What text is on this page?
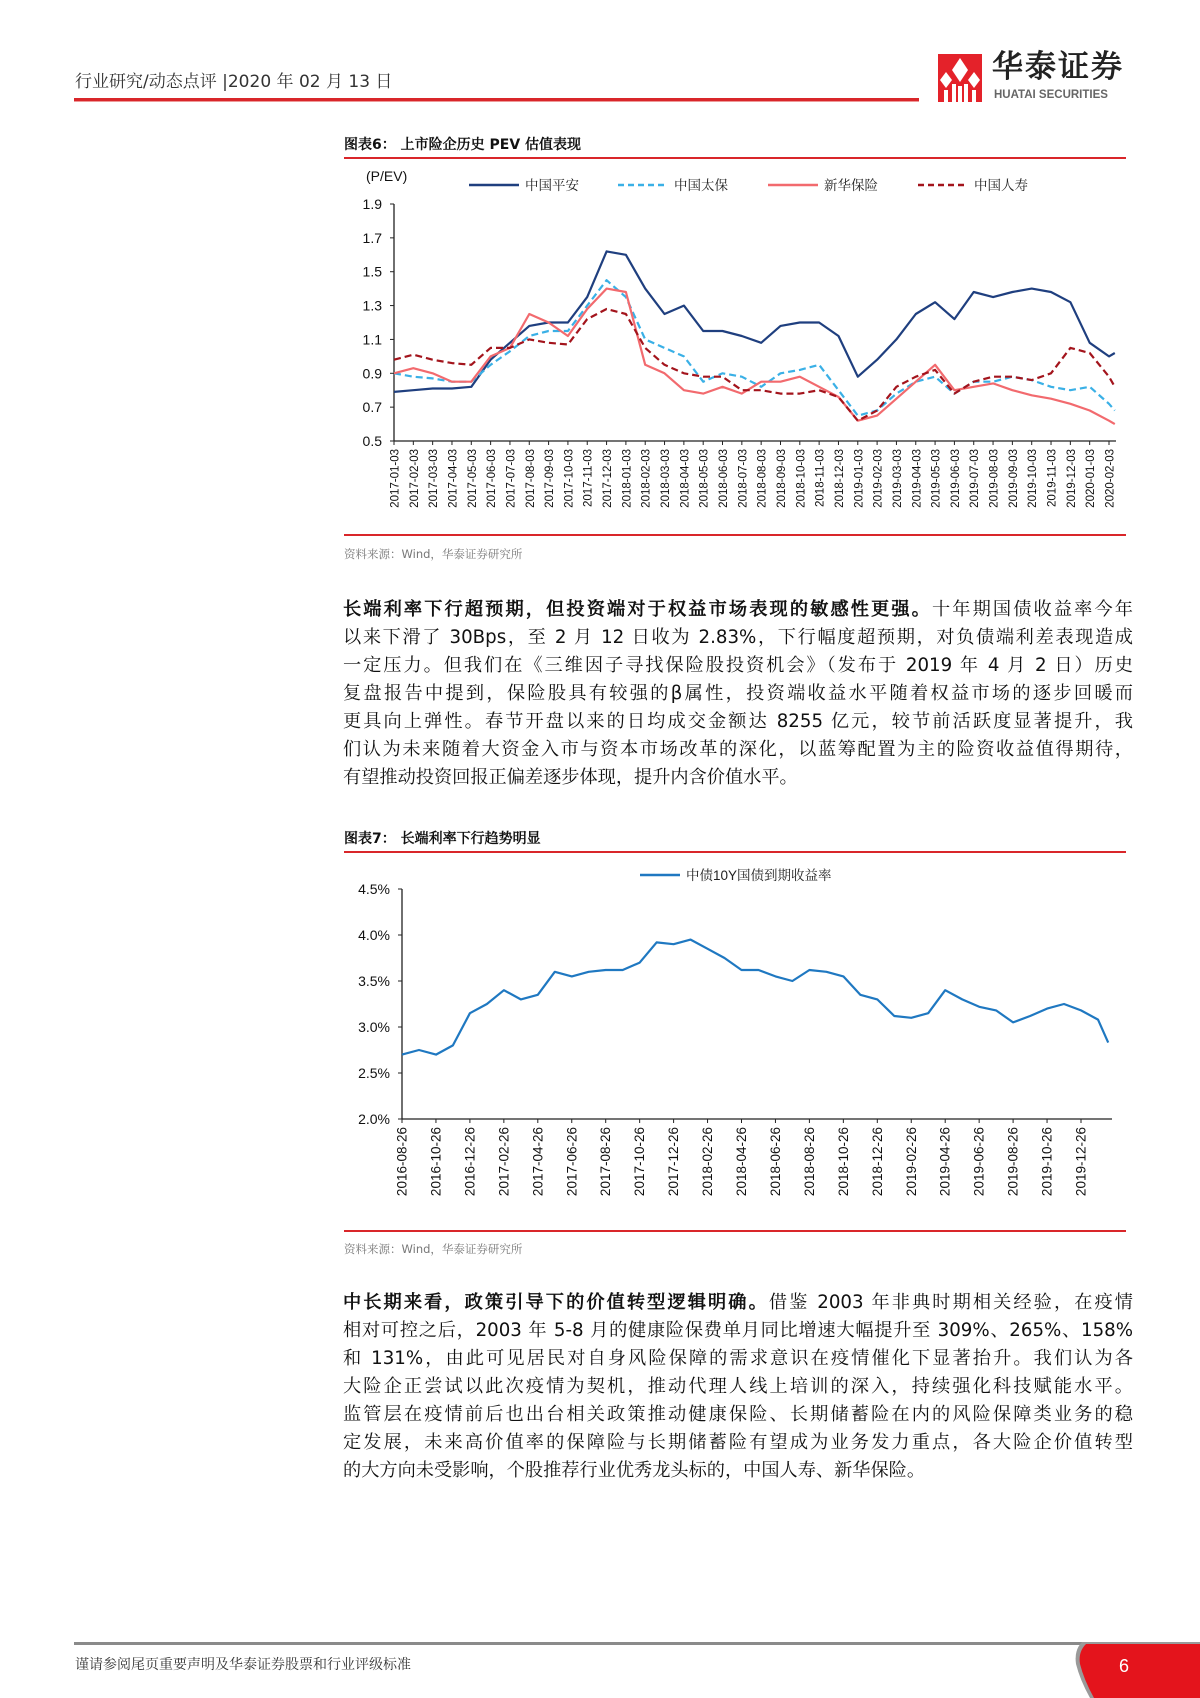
行业研究/动态点评 |2020 年 02 月 13 日	华泰证券
HUATAI SECURITIES
图表6： 上市险企历史 PEV 估值表现
1.9
1.7
1.5
1.3
1.1
0.9
0.7
0.5
2017-01-03 2017-02-03 2017-03-03 2017-04-03 2017-05-03 2017-06-03 2017-07-03 2017-08-03 2017-09-03 2017-10-03 2017-11-03 2017-12-03 2018-01-03 2018-02-03 2018-03-03 2018-04-03 2018-05-03 2018-06-03 2018-07-03 2018-08-03 2018-09-03 2018-10-03 2018-11-03 2018-12-03 2019-01-03 2019-02-03 2019-03-03 2019-04-03 2019-05-03 2019-06-03 2019-07-03 2019-08-03 2019-09-03 2019-10-03 2019-11-03 2019-12-03 2020-01-03 2020-02-03
中国平安	中国太保	新华保险	中国人寿
(P/EV)
资料来源：Wind，华泰证券研究所
长端利率下行超预期，但投资端对于权益市场表现的敏感性更强。十年期国债收益率今年
以来下滑了 30Bps，至 2 月 12 日收为 2.83%，下行幅度超预期，对负债端利差表现造成
一定压力。但我们在《三维因子寻找保险股投资机会》（发布于 2019 年 4 月 2 日）历史
复盘报告中提到，保险股具有较强的β属性，投资端收益水平随着权益市场的逐步回暖而
更具向上弹性。春节开盘以来的日均成交金额达 8255 亿元，较节前活跃度显著提升，我
们认为未来随着大资金入市与资本市场改革的深化，以蓝筹配置为主的险资收益值得期待，
有望推动投资回报正偏差逐步体现，提升内含价值水平。
图表7： 长端利率下行趋势明显
4.5%
4.0%
3.5%
3.0%
2.5%
2.0%
2016-08-26 2016-10-26 2016-12-26 2017-02-26 2017-04-26 2017-06-26 2017-08-26 2017-10-26 2017-12-26 2018-02-26 2018-04-26 2018-06-26 2018-08-26 2018-10-26 2018-12-26 2019-02-26 2019-04-26 2019-06-26 2019-08-26 2019-10-26 2019-12-26
中债10Y国债到期收益率
资料来源：Wind，华泰证券研究所
中长期来看，政策引导下的价值转型逻辑明确。借鉴 2003 年非典时期相关经验，在疫情
相对可控之后，2003 年 5-8 月的健康险保费单月同比增速大幅提升至 309%、265%、158%
和 131%，由此可见居民对自身风险保障的需求意识在疫情催化下显著抬升。我们认为各
大险企正尝试以此次疫情为契机，推动代理人线上培训的深入，持续强化科技赋能水平。
监管层在疫情前后也出台相关政策推动健康保险、长期储蓄险在内的风险保障类业务的稳
定发展，未来高价值率的保障险与长期储蓄险有望成为业务发力重点，各大险企价值转型
的大方向未受影响，个股推荐行业优秀龙头标的，中国人寿、新华保险。
谨请参阅尾页重要声明及华泰证券股票和行业评级标准	6
